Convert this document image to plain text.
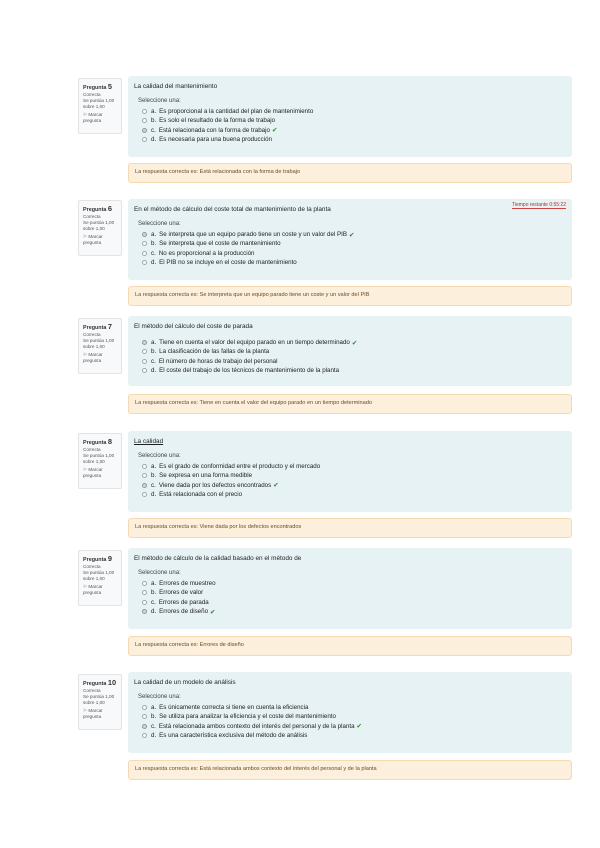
Pregunta 5
Correcta
Se puntúa 1,00 sobre 1,00
⚐ Marcar pregunta
La calidad del mantenimiento
Seleccione una:
a. Es proporcional a la cantidad del plan de mantenimiento
b. Es solo el resultado de la forma de trabajo
c. Está relacionada con la forma de trabajo ✔
d. Es necesaria para una buena producción
La respuesta correcta es: Está relacionada con la forma de trabajo
Pregunta 6
Correcta
Se puntúa 1,00 sobre 1,00
⚐ Marcar pregunta
Tiempo restante 0:55:22
En el método de cálculo del coste total de mantenimiento de la planta
Seleccione una:
a. Se interpreta que un equipo parado tiene un coste y un valor del PIB ✔
b. Se interpreta que el coste de mantenimiento
c. No es proporcional a la producción
d. El PIB no se incluye en el coste de mantenimiento
La respuesta correcta es: Se interpreta que un equipo parado tiene un coste y un valor del PIB
Pregunta 7
Correcta
Se puntúa 1,00 sobre 1,00
⚐ Marcar pregunta
El método del cálculo del coste de parada
a. Tiene en cuenta el valor del equipo parado en un tiempo determinado ✔
b. La clasificación de las fallas de la planta
c. El número de horas de trabajo del personal
d. El coste del trabajo de los técnicos de mantenimiento de la planta
La respuesta correcta es: Tiene en cuenta el valor del equipo parado en un tiempo determinado
Pregunta 8
Correcta
Se puntúa 1,00 sobre 1,00
⚐ Marcar pregunta
La calidad
Seleccione una:
a. Es el grado de conformidad entre el producto y el mercado
b. Se expresa en una forma medible
c. Viene dada por los defectos encontrados ✔
d. Está relacionada con el precio
La respuesta correcta es: Viene dada por los defectos encontrados
Pregunta 9
Correcta
Se puntúa 1,00 sobre 1,00
⚐ Marcar pregunta
El método de cálculo de la calidad basado en el método de
Seleccione una:
a. Errores de muestreo
b. Errores de valor
c. Errores de parada
d. Errores de diseño ✔
La respuesta correcta es: Errores de diseño
Pregunta 10
Correcta
Se puntúa 1,00 sobre 1,00
⚐ Marcar pregunta
La calidad de un modelo de análisis
Seleccione una:
a. Es únicamente correcta si tiene en cuenta la eficiencia
b. Se utiliza para analizar la eficiencia y el coste del mantenimiento
c. Está relacionada ambos contexto del interés del personal y de la planta ✔
d. Es una característica exclusiva del método de análisis
La respuesta correcta es: Está relacionada ambos contexto del interés del personal y de la planta
